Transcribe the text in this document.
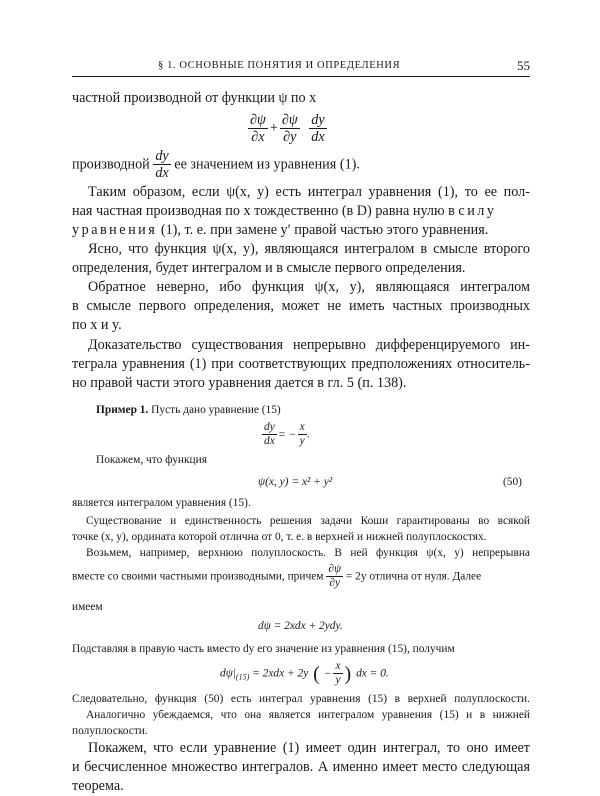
§ 1. ОСНОВНЫЕ ПОНЯТИЯ И ОПРЕДЕЛЕНИЯ	55
частной производной от функции ψ по x
$\frac{\partial\psi}{\partial x} + \frac{\partial\psi}{\partial y}$
$\frac{dy}{dx}$
производной $\frac{dy}{dx}$ ее значением из уравнения (1).
Таким образом, если ψ(x, y) есть интеграл уравнения (1), то ее пол-
ная частная производная по x тождественно (в D) равна нулю в силу
уравнения (1), т. е. при замене y′ правой частью этого уравнения.
Ясно, что функция ψ(x, y), являющаяся интегралом в смысле второго
определения, будет интегралом и в смысле первого определения.
Обратное неверно, ибо функция ψ(x, y), являющаяся интегралом
в смысле первого определения, может не иметь частных производных
по x и y.
Доказательство существования непрерывно дифференцируемого ин-
теграла уравнения (1) при соответствующих предположениях относитель-
но правой части этого уравнения дается в гл. 5 (п. 138).
Пример 1. Пусть дано уравнение (15)
$\frac{dy}{dx}$ = − $\frac{x}{y}$ .
Покажем, что функция
ψ(x, y) = x² + y²	(50)
является интегралом уравнения (15).
Существование и единственность решения задачи Коши гарантированы во всякой
точке (x, y), ордината которой отлична от 0, т. е. в верхней и нижней полуплоскостях.
Возьмем, например, верхнюю полуплоскость. В ней функция ψ(x, y) непрерывна
вместе со своими частными производными, причем $\frac{\partial\psi}{\partial y} = 2y$ отлична от нуля. Далее
имеем
dψ = 2xdx + 2ydy.
Подставляя в правую часть вместо dy его значение из уравнения (15), получим
$d\psi|_{(15)} = 2xdx + 2y$ ( − $\frac{x}{y}$ ) dx = 0.
Следовательно, функция (50) есть интеграл уравнения (15) в верхней полуплоскости.
Аналогично убеждаемся, что она является интегралом уравнения (15) и в нижней
полуплоскости.
Покажем, что если уравнение (1) имеет один интеграл, то оно имеет
и бесчисленное множество интегралов. А именно имеет место следующая
теорема.
